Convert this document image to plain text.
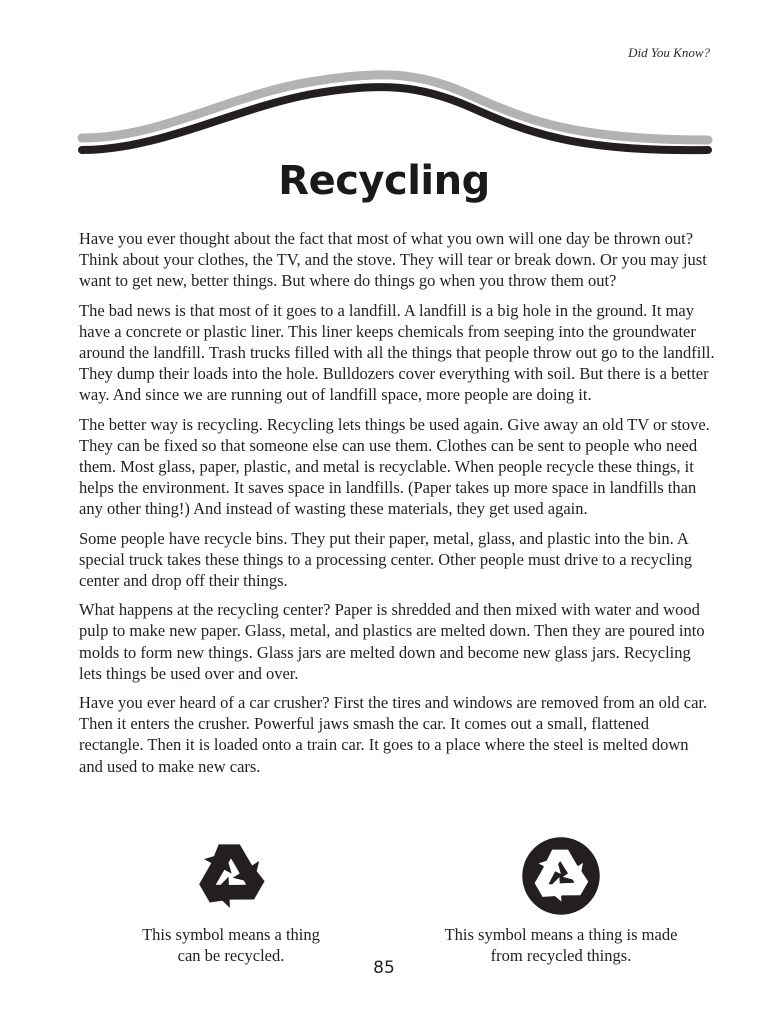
Did You Know?
Recycling

Have you ever thought about the fact that most of what you own will one day be thrown out? Think about your clothes, the TV, and the stove. They will tear or break down. Or you may just want to get new, better things. But where do things go when you throw them out?

The bad news is that most of it goes to a landfill. A landfill is a big hole in the ground. It may have a concrete or plastic liner. This liner keeps chemicals from seeping into the groundwater around the landfill. Trash trucks filled with all the things that people throw out go to the landfill. They dump their loads into the hole. Bulldozers cover everything with soil. But there is a better way. And since we are running out of landfill space, more people are doing it.

The better way is recycling. Recycling lets things be used again. Give away an old TV or stove. They can be fixed so that someone else can use them. Clothes can be sent to people who need them. Most glass, paper, plastic, and metal is recyclable. When people recycle these things, it helps the environment. It saves space in landfills. (Paper takes up more space in landfills than any other thing!) And instead of wasting these materials, they get used again.

Some people have recycle bins. They put their paper, metal, glass, and plastic into the bin. A special truck takes these things to a processing center. Other people must drive to a recycling center and drop off their things.

What happens at the recycling center? Paper is shredded and then mixed with water and wood pulp to make new paper. Glass, metal, and plastics are melted down. Then they are poured into molds to form new things. Glass jars are melted down and become new glass jars. Recycling lets things be used over and over.

Have you ever heard of a car crusher? First the tires and windows are removed from an old car. Then it enters the crusher. Powerful jaws smash the car. It comes out a small, flattened rectangle. Then it is loaded onto a train car. It goes to a place where the steel is melted down and used to make new cars.

This symbol means a thing
can be recycled.
This symbol means a thing is made
from recycled things.
85
